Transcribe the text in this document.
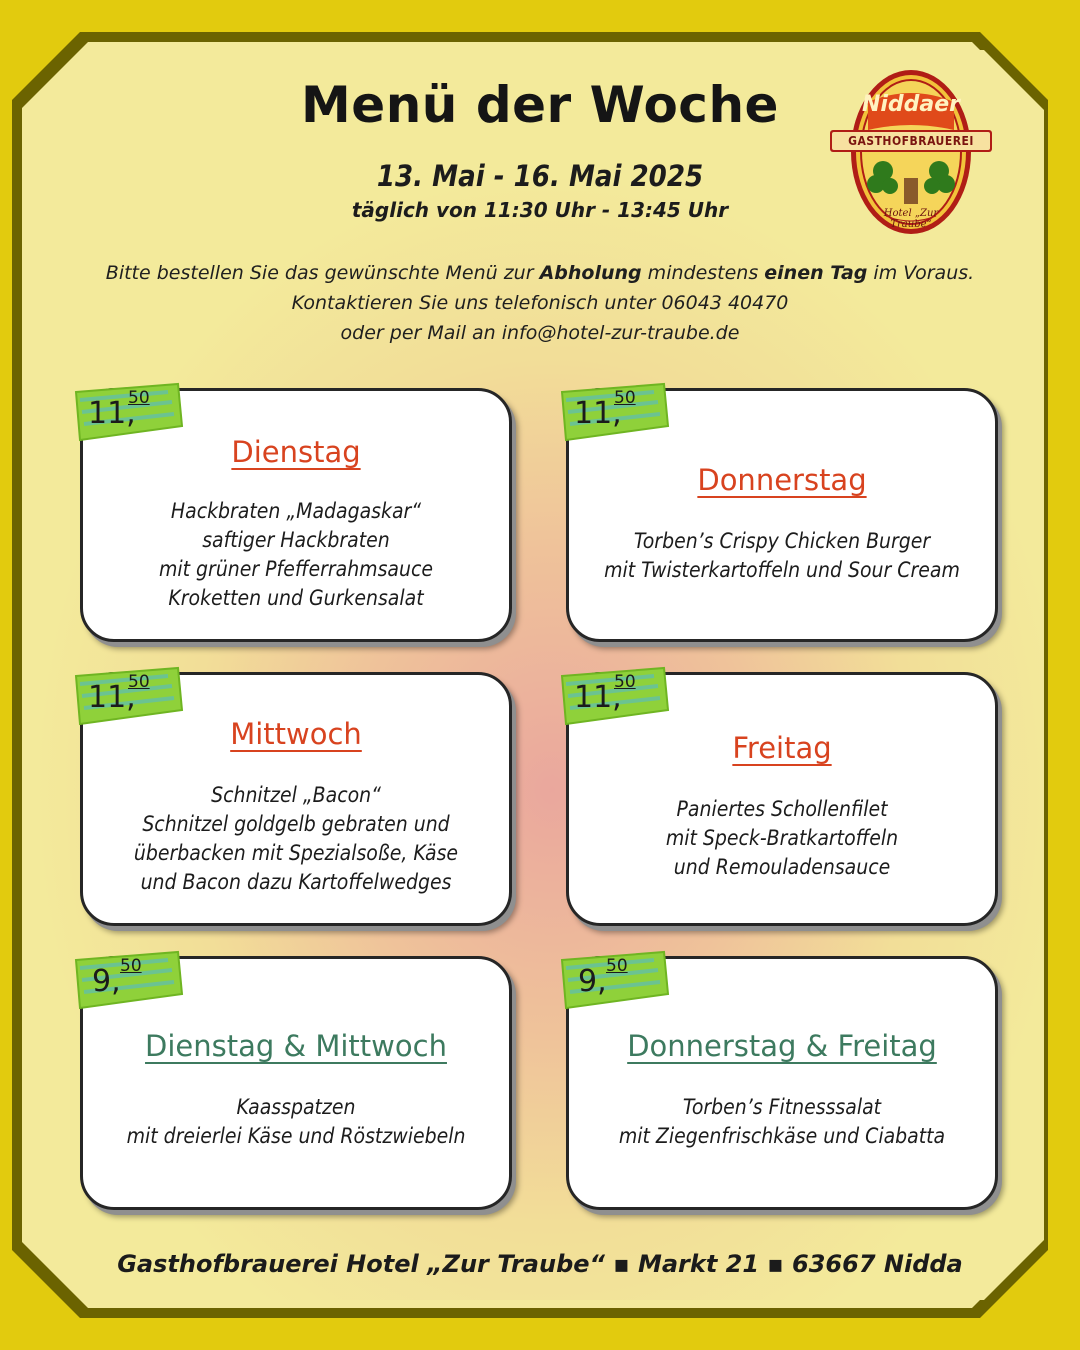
Menü der Woche
13. Mai - 16. Mai 2025
täglich von 11:30 Uhr - 13:45 Uhr
Bitte bestellen Sie das gewünschte Menü zur Abholung mindestens einen Tag im Voraus.
Kontaktieren Sie uns telefonisch unter 06043 40470
oder per Mail an info@hotel-zur-traube.de
Niddaer
GASTHOFBRAUEREI
Hotel „Zur Traube“
Dienstag
Hackbraten „Madagaskar“
saftiger Hackbraten
mit grüner Pfefferrahmsauce
Kroketten und Gurkensalat
Donnerstag
Torben’s Crispy Chicken Burger
mit Twisterkartoffeln und Sour Cream
Mittwoch
Schnitzel „Bacon“
Schnitzel goldgelb gebraten und
überbacken mit Spezialsoße, Käse
und Bacon dazu Kartoffelwedges
Freitag
Paniertes Schollenfilet
mit Speck-Bratkartoffeln
und Remouladensauce
Dienstag & Mittwoch
Kaasspatzen
mit dreierlei Käse und Röstzwiebeln
Donnerstag & Freitag
Torben’s Fitnesssalat
mit Ziegenfrischkäse und Ciabatta
11,
50	11,
50
11,
50	11,
50
9, 50	9, 50
Gasthofbrauerei Hotel „Zur Traube“ ▪ Markt 21 ▪ 63667 Nidda
